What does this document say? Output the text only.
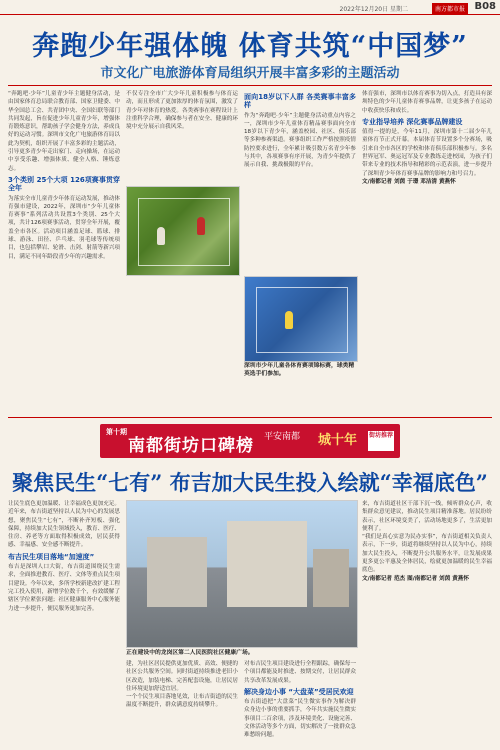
2022年12月20日 星期二	南方都市报 B08
奔跑少年强体魄 体育共筑“中国梦”
市文化广电旅游体育局组织开展丰富多彩的主题活动
“奔跑吧·少年”儿童青少年主题健身活动，是由国家体育总局联合教育部、国家卫健委、中华全国总工会、共青团中央、全国妇联等部门共同发起，旨在促进少年儿童青少年，增强体育锻炼意识，帮助孩子学会健身方法，养成良好的运动习惯。深圳市文化广电旅游体育局以此为契机，组织开展了丰富多彩的主题活动，引导更多青少年走出家门、走向操场，在运动中享受乐趣、增强体质、健全人格、锤炼意志。
3个类别 25个大项 126项赛事贯穿全年
为落实全市儿童青少年体育运动发展，推动体育强市建设，2022年，深圳市“少年儿童体育赛事”系列活动共设置3个类别、25个大项，共计126项赛事活动，贯穿全年开展，覆盖全市各区。活动项目涵盖足球、篮球、排球、游泳、田径、乒乓球、羽毛球等传统项目，也包括攀岩、轮滑、击剑、射箭等新兴项目，满足不同年龄段青少年的兴趣需求。
不仅专注全市广大少年儿童积极参与体育运动，而且形成了更加浓厚的体育氛围，激发了青少年对体育的热爱。各类赛事在赛程设计上注重科学合理，确保参与者在安全、健康的环境中充分展示自我风采。
面向18岁以下人群 各类赛事丰富多样
作为“奔跑吧·少年”主题健身活动重点内容之一，深圳市少年儿童体育精品赛事面向全市18岁以下青少年，涵盖校园、社区、俱乐部等多种参赛渠道。赛事组织工作严格按照疫情防控要求进行，全年累计吸引数万名青少年参与其中，各项赛事有序开展，为青少年提供了展示自我、挑战极限的平台。
深圳市少年儿童各体育赛项锦标赛，球类精英选手们参加。
体育强市，深圳市以体育赛事为切入点，打造具有深圳特色的少年儿童体育赛事品牌，让更多孩子在运动中收获快乐和成长。
专业指导培养 深化赛事品牌建设
值得一提的是，今年11月，深圳市第十二届少年儿童体育节正式开幕。本届体育节设置多个分赛场，吸引来自全市各区的学校和体育俱乐部积极参与。多名世界冠军、奥运冠军及专业教练走进校园，为孩子们带来专业的技术指导和精彩的示范表演，进一步提升了深圳青少年体育赛事品牌的影响力和号召力。
文/南都记者 刘茵 于璟 邓洁清 黄燕怀
第十期
南都街坊口碑榜 平安南都 城十年 街坊推荐
聚焦民生“七有” 布吉加大民生投入绘就“幸福底色”
让民生底色更加温暖、让幸福成色更加充足。近年来，布吉街道坚持以人民为中心的发展思想，聚焦民生“七有”，不断补齐短板、强化保障，持续加大民生领域投入，教育、医疗、住房、养老等方面取得积极成效，居民获得感、幸福感、安全感不断提升。
布吉民生项目落地“加速度”
布吉是深圳人口大街，布吉街道围绕民生需求，全面推进教育、医疗、文体等重点民生项目建设。今年以来，多所学校新建改扩建工程完工投入使用，新增学位数千个，有效缓解了辖区学位紧张问题；社区健康服务中心服务能力进一步提升，便民服务更加完善。
正在建设中的龙岗区第二人民医院社区健康广场。
建，为社区居民提供更加优质、高效、便捷的社区公共服务空间。同时街道持续推进老旧小区改造，加装电梯、完善配套设施，让居民居住环境更加舒适宜居。
一个个民生项目落地见效，让布吉街道的民生温度不断提升，群众满意度持续攀升。
对布吉民生项目建设进行全程跟踪，确保每一个项目都能及时推进、按期交付，让居民群众共享改革发展成果。
解决身边小事 “大盘菜”受居民欢迎
布吉街道把“大盘菜”民生微实事作为解决群众身边小事的重要抓手，今年共实施民生微实事项目二百余项，涉及环境美化、设施完善、文体活动等多个方面，切实解决了一批群众急难愁盼问题。
来，布吉街道社区干部下沉一线，倾听群众心声，收集群众意见建议，推动民生项目精准落地。居民纷纷表示，社区环境变美了，活动场地更多了，生活更加便利了。
“我们是真心实意为民办实事”，布吉街道相关负责人表示，下一步，街道将继续坚持以人民为中心，持续加大民生投入，不断提升公共服务水平，让发展成果更多更公平惠及全体居民，绘就更加温暖的民生幸福底色。
文/南都记者 范杰 图/南都记者 刘茵 黄燕怀
